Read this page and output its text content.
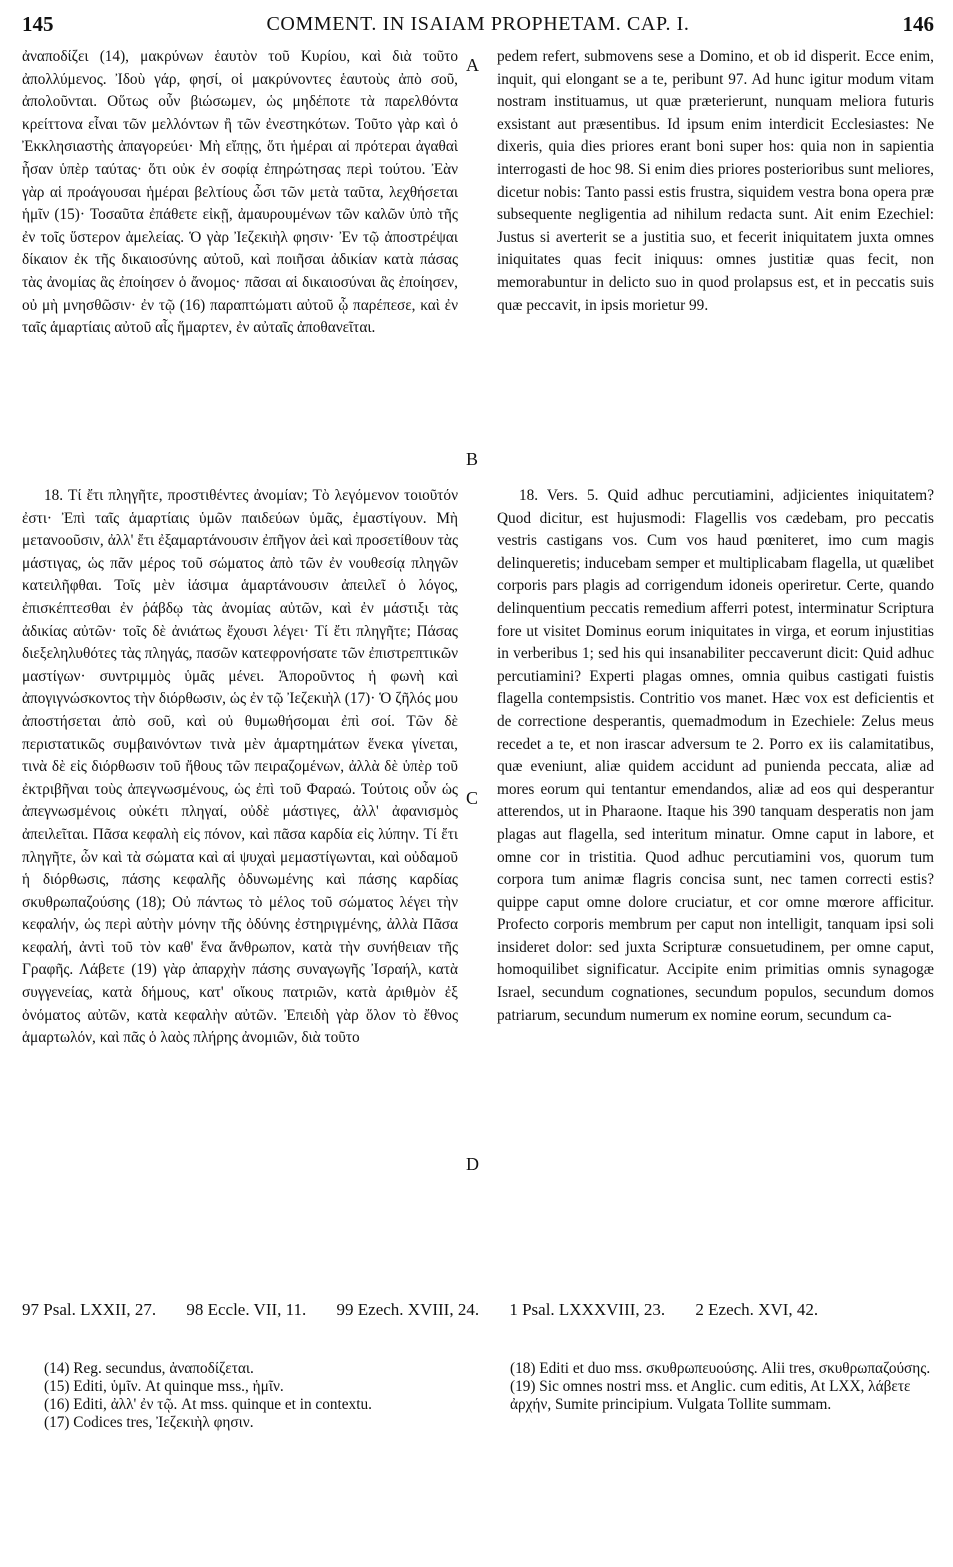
145	COMMENT. IN ISAIAM PROPHETAM. CAP. I.	146

ἀναποδίζει (14), μακρύνων ἑαυτὸν τοῦ Κυρίου, καὶ διὰ τοῦτο ἀπολλύμενος. Ἰδοὺ γάρ, φησί, οἱ μακρύνοντες ἑαυτοὺς ἀπὸ σοῦ, ἀπολοῦνται. Οὕτως οὖν βιώσωμεν, ὡς μηδέποτε τὰ παρελθόντα κρείττονα εἶναι τῶν μελλόντων ἢ τῶν ἐνεστηκότων. Τοῦτο γὰρ καὶ ὁ Ἐκκλησιαστὴς ἀπαγορεύει· Μὴ εἴπῃς, ὅτι ἡμέραι αἱ πρότεραι ἀγαθαὶ ἦσαν ὑπὲρ ταύτας· ὅτι οὐκ ἐν σοφίᾳ ἐπηρώτησας περὶ τούτου. Ἐὰν γὰρ αἱ προάγουσαι ἡμέραι βελτίους ὦσι τῶν μετὰ ταῦτα, λεχθήσεται ἡμῖν (15)· Τοσαῦτα ἐπάθετε εἰκῇ, ἀμαυρουμένων τῶν καλῶν ὑπὸ τῆς ἐν τοῖς ὕστερον ἀμελείας. Ὁ γὰρ Ἰεζεκιὴλ φησιν· Ἐν τῷ ἀποστρέψαι δίκαιον ἐκ τῆς δικαιοσύνης αὐτοῦ, καὶ ποιῆσαι ἀδικίαν κατὰ πάσας τὰς ἀνομίας ἃς ἐποίησεν ὁ ἄνομος· πᾶσαι αἱ δικαιοσύναι ἃς ἐποίησεν, οὐ μὴ μνησθῶσιν· ἐν τῷ (16) παραπτώματι αὐτοῦ ᾧ παρέπεσε, καὶ ἐν ταῖς ἁμαρτίαις αὐτοῦ αἷς ἥμαρτεν, ἐν αὐταῖς ἀποθανεῖται.

pedem refert, submovens sese a Domino, et ob id disperit. Ecce enim, inquit, qui elongant se a te, peribunt 97. Ad hunc igitur modum vitam nostram instituamus, ut quæ præterierunt, nunquam meliora futuris exsistant aut præsentibus. Id ipsum enim interdicit Ecclesiastes: Ne dixeris, quia dies priores erant boni super hos: quia non in sapientia interrogasti de hoc 98. Si enim dies priores posterioribus sunt meliores, dicetur nobis: Tanto passi estis frustra, siquidem vestra bona opera præ subsequente negligentia ad nihilum redacta sunt. Ait enim Ezechiel: Justus si averterit se a justitia suo, et fecerit iniquitatem juxta omnes iniquitates quas fecit iniquus: omnes justitiæ quas fecit, non memorabuntur in delicto suo in quod prolapsus est, et in peccatis suis quæ peccavit, in ipsis morietur 99.

A
B
C
D

18. Τί ἔτι πληγῆτε, προστιθέντες ἀνομίαν; Τὸ λεγόμενον τοιοῦτόν ἐστι· Ἐπὶ ταῖς ἁμαρτίαις ὑμῶν παιδεύων ὑμᾶς, ἐμαστίγουν. Μὴ μετανοοῦσιν, ἀλλ' ἔτι ἐξαμαρτάνουσιν ἐπῆγον ἀεὶ καὶ προσετίθουν τὰς μάστιγας, ὡς πᾶν μέρος τοῦ σώματος ἀπὸ τῶν ἐν νουθεσίᾳ πληγῶν κατειλῆφθαι. Τοῖς μὲν ἰάσιμα ἁμαρτάνουσιν ἀπειλεῖ ὁ λόγος, ἐπισκέπτεσθαι ἐν ῥάβδῳ τὰς ἀνομίας αὐτῶν, καὶ ἐν μάστιξι τὰς ἀδικίας αὐτῶν· τοῖς δὲ ἀνιάτως ἔχουσι λέγει· Τί ἔτι πληγῆτε; Πάσας διεξεληλυθότες τὰς πληγάς, πασῶν κατεφρονήσατε τῶν ἐπιστρεπτικῶν μαστίγων· συντριμμὸς ὑμᾶς μένει. Ἀπορoῦντος ἡ φωνὴ καὶ ἀπογιγνώσκοντος τὴν διόρθωσιν, ὡς ἐν τῷ Ἰεζεκιὴλ (17)· Ὁ ζῆλός μου ἀποστήσεται ἀπὸ σοῦ, καὶ οὐ θυμωθήσομαι ἐπὶ σοί. Τῶν δὲ περιστατικῶς συμβαινόντων τινὰ μὲν ἁμαρτημάτων ἕνεκα γίνεται, τινὰ δὲ εἰς διόρθωσιν τοῦ ἤθους τῶν πειραζομένων, ἀλλὰ δὲ ὑπὲρ τοῦ ἐκτριβῆναι τοὺς ἀπεγνωσμένους, ὡς ἐπὶ τοῦ Φαραώ. Τούτοις οὖν ὡς ἀπεγνωσμένοις οὐκέτι πληγαί, οὐδὲ μάστιγες, ἀλλ' ἀφανισμὸς ἀπειλεῖται. Πᾶσα κεφαλὴ εἰς πόνον, καὶ πᾶσα καρδία εἰς λύπην. Τί ἔτι πληγῆτε, ὧν καὶ τὰ σώματα καὶ αἱ ψυχαὶ μεμαστίγωνται, καὶ οὐδαμοῦ ἡ διόρθωσις, πάσης κεφαλῆς ὀδυνωμένης καὶ πάσης καρδίας σκυθρωπαζούσης (18); Οὐ πάντως τὸ μέλος τοῦ σώματος λέγει τὴν κεφαλήν, ὡς περὶ αὐτὴν μόνην τῆς ὀδύνης ἐστηριγμένης, ἀλλὰ Πᾶσα κεφαλή, ἀντὶ τοῦ τὸν καθ' ἕνα ἄνθρωπον, κατὰ τὴν συνήθειαν τῆς Γραφῆς. Λάβετε (19) γὰρ ἀπαρχὴν πάσης συναγωγῆς Ἰσραήλ, κατὰ συγγενείας, κατὰ δήμους, κατ' οἴκους πατριῶν, κατὰ ἀριθμὸν ἐξ ὀνόματος αὐτῶν, κατὰ κεφαλὴν αὐτῶν. Ἐπειδὴ γὰρ ὅλον τὸ ἔθνος ἁμαρτωλόν, καὶ πᾶς ὁ λαὸς πλήρης ἀνομιῶν, διὰ τοῦτο

18. Vers. 5. Quid adhuc percutiamini, adjicientes iniquitatem? Quod dicitur, est hujusmodi: Flagellis vos cædebam, pro peccatis vestris castigans vos. Cum vos haud pœniteret, imo cum magis delinqueretis; inducebam semper et multiplicabam flagella, ut quælibet corporis pars plagis ad corrigendum idoneis operiretur. Certe, quando delinquentium peccatis remedium afferri potest, interminatur Scriptura fore ut visitet Dominus eorum iniquitates in virga, et eorum injustitias in verberibus 1; sed his qui insanabiliter peccaverunt dicit: Quid adhuc percutiamini? Experti plagas omnes, omnia quibus castigati fuistis flagella contempsistis. Contritio vos manet. Hæc vox est deficientis et de correctione desperantis, quemadmodum in Ezechiele: Zelus meus recedet a te, et non irascar adversum te 2. Porro ex iis calamitatibus, quæ eveniunt, aliæ quidem accidunt ad punienda peccata, aliæ ad mores eorum qui tentantur emendandos, aliæ ad eos qui desperantur atterendos, ut in Pharaone. Itaque his 390 tanquam desperatis non jam plagas aut flagella, sed interitum minatur. Omne caput in labore, et omne cor in tristitia. Quod adhuc percutiamini vos, quorum tum corpora tum animæ flagris concisa sunt, nec tamen correcti estis? quippe caput omne dolore cruciatur, et cor omne mœrore afficitur. Profecto corporis membrum per caput non intelligit, tanquam ipsi soli insideret dolor: sed juxta Scripturæ consuetudinem, per omne caput, homoquilibet significatur. Accipite enim primitias omnis synagogæ Israel, secundum cognationes, secundum populos, secundum domos patriarum, secundum numerum ex nomine eorum, secundum ca-

97 Psal. LXXII, 27. 98 Eccle. VII, 11. 99 Ezech. XVIII, 24. 1 Psal. LXXXVIII, 23. 2 Ezech. XVI, 42.

(14) Reg. secundus, ἀναποδίζεται.

(15) Editi, ὑμῖν. At quinque mss., ἡμῖν.

(16) Editi, ἀλλ' ἐν τῷ. At mss. quinque et in contextu.

(17) Codices tres, Ἰεζεκιὴλ φησιν.

(18) Editi et duo mss. σκυθρωπευούσης. Alii tres, σκυθρωπαζούσης.

(19) Sic omnes nostri mss. et Anglic. cum editis, At LXX, λάβετε ἀρχήν, Sumite principium. Vulgata Tollite summam.
